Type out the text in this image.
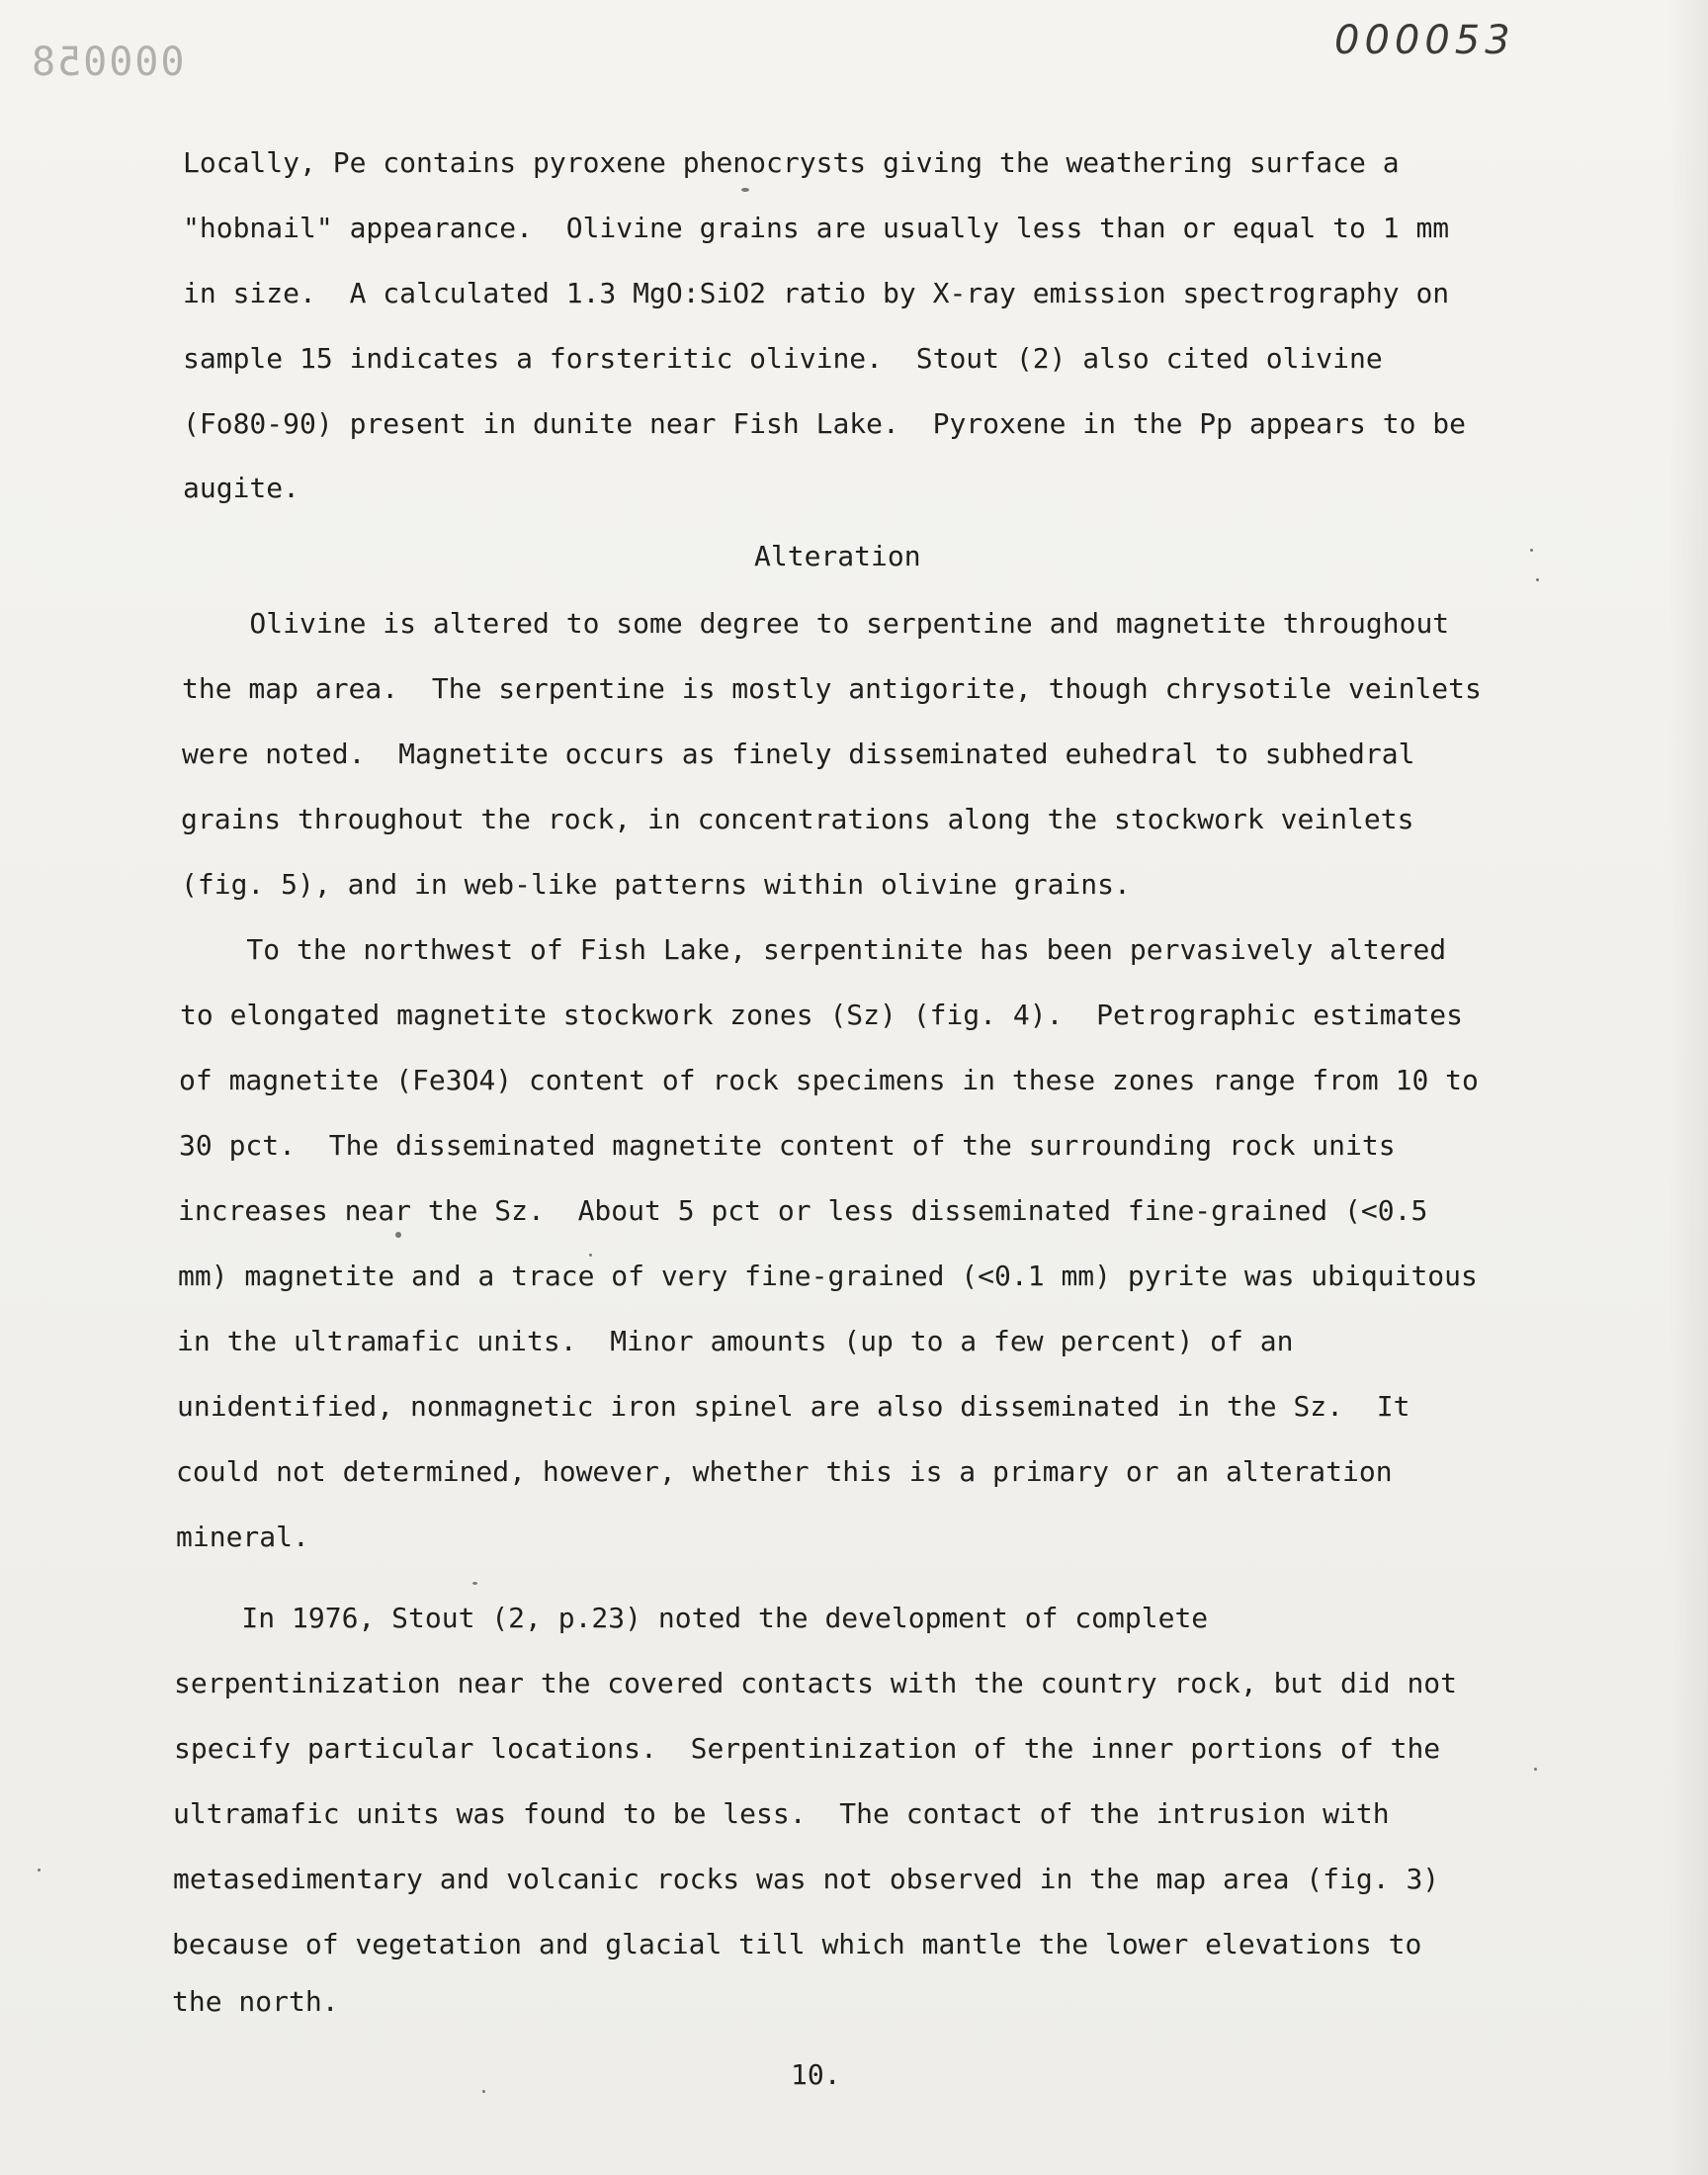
000058	000053
Locally, Pe contains pyroxene phenocrysts giving the weathering surface a
"hobnail" appearance.  Olivine grains are usually less than or equal to 1 mm
in size.  A calculated 1.3 MgO:SiO2 ratio by X-ray emission spectrography on
sample 15 indicates a forsteritic olivine.  Stout (2) also cited olivine
(Fo80-90) present in dunite near Fish Lake.  Pyroxene in the Pp appears to be
augite.
Alteration
Olivine is altered to some degree to serpentine and magnetite throughout
the map area.  The serpentine is mostly antigorite, though chrysotile veinlets
were noted.  Magnetite occurs as finely disseminated euhedral to subhedral
grains throughout the rock, in concentrations along the stockwork veinlets
(fig. 5), and in web-like patterns within olivine grains.
To the northwest of Fish Lake, serpentinite has been pervasively altered
to elongated magnetite stockwork zones (Sz) (fig. 4).  Petrographic estimates
of magnetite (Fe3O4) content of rock specimens in these zones range from 10 to
30 pct.  The disseminated magnetite content of the surrounding rock units
increases near the Sz.  About 5 pct or less disseminated fine-grained (<0.5
mm) magnetite and a trace of very fine-grained (<0.1 mm) pyrite was ubiquitous
in the ultramafic units.  Minor amounts (up to a few percent) of an
unidentified, nonmagnetic iron spinel are also disseminated in the Sz.  It
could not determined, however, whether this is a primary or an alteration
mineral.
In 1976, Stout (2, p.23) noted the development of complete
serpentinization near the covered contacts with the country rock, but did not
specify particular locations.  Serpentinization of the inner portions of the
ultramafic units was found to be less.  The contact of the intrusion with
metasedimentary and volcanic rocks was not observed in the map area (fig. 3)
because of vegetation and glacial till which mantle the lower elevations to
the north.
10.
